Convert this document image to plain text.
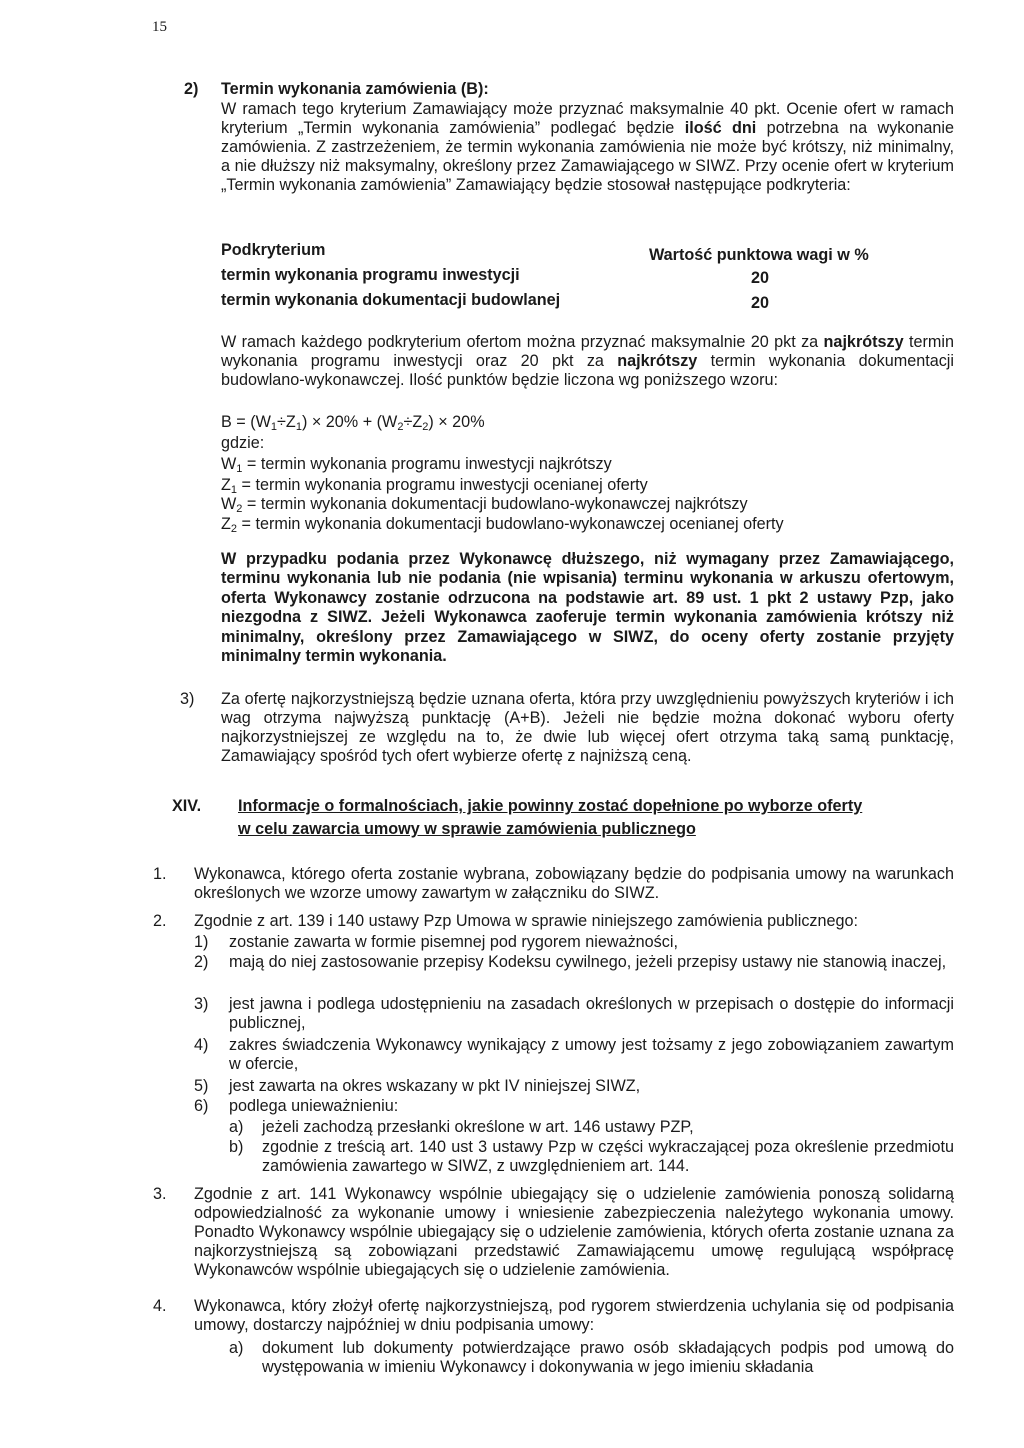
15
2) Termin wykonania zamówienia (B):

W ramach tego kryterium Zamawiający może przyznać maksymalnie 40 pkt. Ocenie ofert w ramach kryterium „Termin wykonania zamówienia” podlegać będzie ilość dni potrzebna na wykonanie zamówienia. Z zastrzeżeniem, że termin wykonania zamówienia nie może być krótszy, niż minimalny, a nie dłuższy niż maksymalny, określony przez Zamawiającego w SIWZ. Przy ocenie ofert w kryterium „Termin wykonania zamówienia” Zamawiający będzie stosował następujące podkryteria:

Podkryterium	Wartość punktowa wagi w %
termin wykonania programu inwestycji	20
termin wykonania dokumentacji budowlanej	20

W ramach każdego podkryterium ofertom można przyznać maksymalnie 20 pkt za najkrótszy termin wykonania programu inwestycji oraz 20 pkt za najkrótszy termin wykonania dokumentacji budowlano-wykonawczej. Ilość punktów będzie liczona wg poniższego wzoru:

$B = (W_1\div Z_1) \times 20\% + (W_2\div Z_2) \times 20\%$
gdzie:
$W_1 = termin$ wykonania programu inwestycji najkrótszy
$Z_1 = termin$ wykonania programu inwestycji ocenianej oferty
$W_2 = termin$ wykonania dokumentacji budowlano-wykonawczej najkrótszy
$Z_2 = termin$ wykonania dokumentacji budowlano-wykonawczej ocenianej oferty

W przypadku podania przez Wykonawcę dłuższego, niż wymagany przez Zamawiającego, terminu wykonania lub nie podania (nie wpisania) terminu wykonania w arkuszu ofertowym, oferta Wykonawcy zostanie odrzucona na podstawie art. 89 ust. 1 pkt 2 ustawy Pzp, jako niezgodna z SIWZ. Jeżeli Wykonawca zaoferuje termin wykonania zamówienia krótszy niż minimalny, określony przez Zamawiającego w SIWZ, do oceny oferty zostanie przyjęty minimalny termin wykonania.

3) Za ofertę najkorzystniejszą będzie uznana oferta, która przy uwzględnieniu powyższych kryteriów i ich wag otrzyma najwyższą punktację (A+B). Jeżeli nie będzie można dokonać wyboru oferty najkorzystniejszej ze względu na to, że dwie lub więcej ofert otrzyma taką samą punktację, Zamawiający spośród tych ofert wybierze ofertę z najniższą ceną.

XIV. Informacje o formalnościach, jakie powinny zostać dopełnione po wyborze oferty
w celu zawarcia umowy w sprawie zamówienia publicznego
1. Wykonawca, którego oferta zostanie wybrana, zobowiązany będzie do podpisania umowy na warunkach określonych we wzorze umowy zawartym w załączniku do SIWZ.

2. Zgodnie z art. 139 i 140 ustawy Pzp Umowa w sprawie niniejszego zamówienia publicznego:

1) zostanie zawarta w formie pisemnej pod rygorem nieważności,

2) mają do niej zastosowanie przepisy Kodeksu cywilnego, jeżeli przepisy ustawy nie stanowią inaczej,

3) jest jawna i podlega udostępnieniu na zasadach określonych w przepisach o dostępie do informacji publicznej,

4) zakres świadczenia Wykonawcy wynikający z umowy jest tożsamy z jego zobowiązaniem zawartym w ofercie,

5) jest zawarta na okres wskazany w pkt IV niniejszej SIWZ,

6) podlega unieważnieniu:

a) jeżeli zachodzą przesłanki określone w art. 146 ustawy PZP,

b) zgodnie z treścią art. 140 ust 3 ustawy Pzp w części wykraczającej poza określenie przedmiotu zamówienia zawartego w SIWZ, z uwzględnieniem art. 144.

3. Zgodnie z art. 141 Wykonawcy wspólnie ubiegający się o udzielenie zamówienia ponoszą solidarną odpowiedzialność za wykonanie umowy i wniesienie zabezpieczenia należytego wykonania umowy. Ponadto Wykonawcy wspólnie ubiegający się o udzielenie zamówienia, których oferta zostanie uznana za najkorzystniejszą są zobowiązani przedstawić Zamawiającemu umowę regulującą współpracę Wykonawców wspólnie ubiegających się o udzielenie zamówienia.

4. Wykonawca, który złożył ofertę najkorzystniejszą, pod rygorem stwierdzenia uchylania się od podpisania umowy, dostarczy najpóźniej w dniu podpisania umowy:

a) dokument lub dokumenty potwierdzające prawo osób składających podpis pod umową do występowania w imieniu Wykonawcy i dokonywania w jego imieniu składania
